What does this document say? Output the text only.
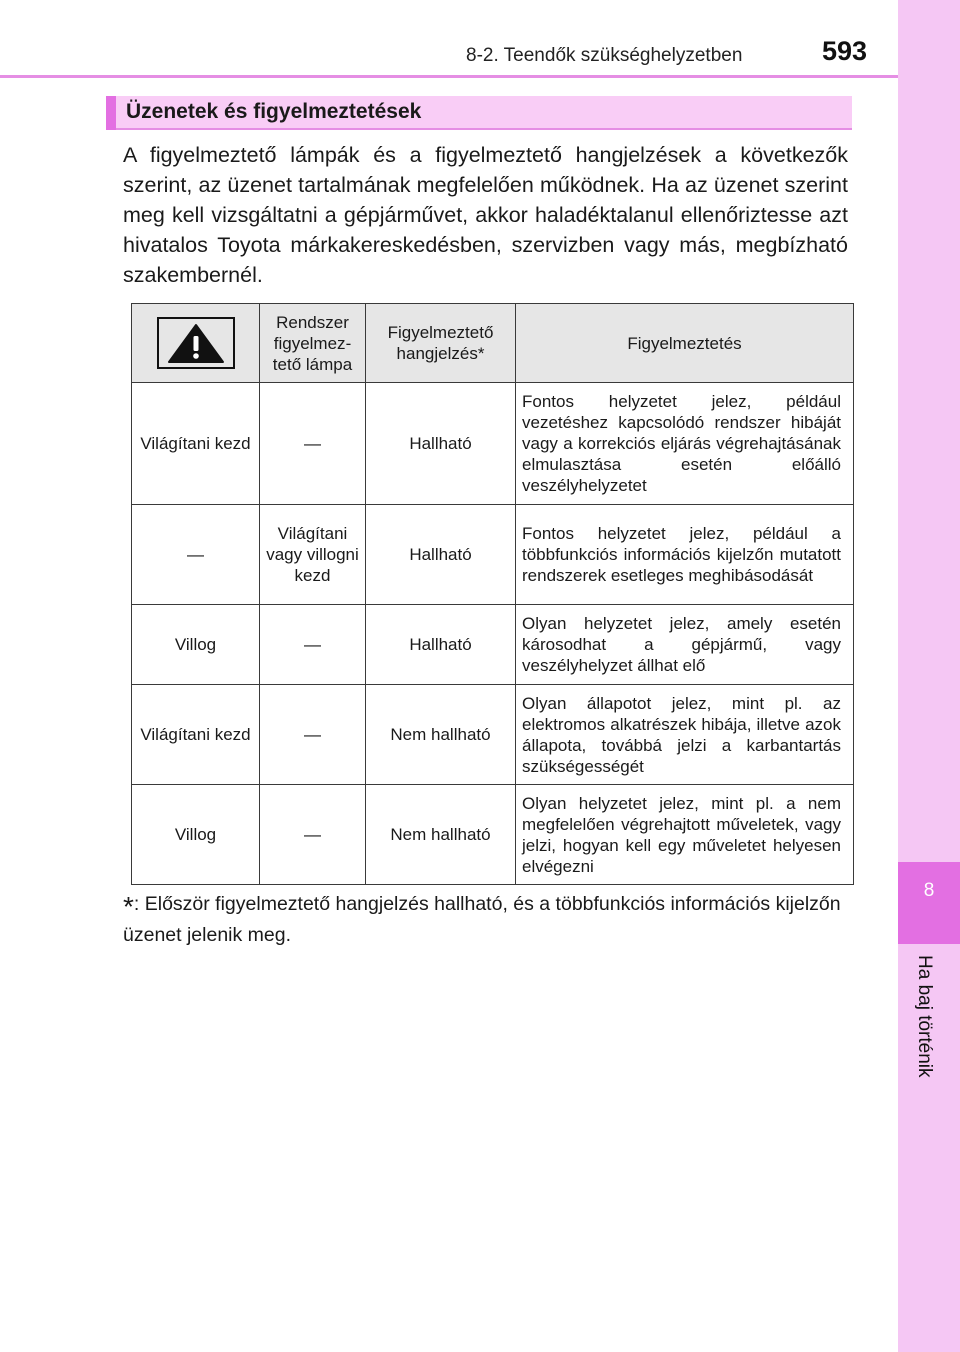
8-2. Teendők szükséghelyzetben	593
8
Ha baj történik
Üzenetek és figyelmeztetések

A figyelmeztető lámpák és a figyelmeztető hangjelzések a következők szerint, az üzenet tartalmának megfelelően működnek. Ha az üzenet szerint meg kell vizsgáltatni a gépjárművet, akkor haladéktalanul ellenőriztesse azt hivatalos Toyota márkakereskedésben, szervizben vagy más, megbízható szakembernél.

	Rendszer figyelmeztető lámpa	Figyelmeztető hangjelzés*	Figyelmeztetés
Világítani kezd	—	Hallható	Fontos helyzetet jelez, például vezetéshez kapcsolódó rendszer hibáját vagy a korrekciós eljárás végrehajtásának elmulasztása esetén előálló veszélyhelyzetet
—	Világítani vagy villogni kezd	Hallható	Fontos helyzetet jelez, például a többfunkciós információs kijelzőn mutatott rendszerek esetleges meghibásodását
Villog	—	Hallható	Olyan helyzetet jelez, amely esetén károsodhat a gépjármű, vagy veszélyhelyzet állhat elő
Világítani kezd	—	Nem hallható	Olyan állapotot jelez, mint pl. az elektromos alkatrészek hibája, illetve azok állapota, továbbá jelzi a karbantartás szükségességét
Villog	—	Nem hallható	Olyan helyzetet jelez, mint pl. a nem megfelelően végrehajtott műveletek, vagy jelzi, hogyan kell egy műveletet helyesen elvégezni
*: Először figyelmeztető hangjelzés hallható, és a többfunkciós információs kijelzőn üzenet jelenik meg.
